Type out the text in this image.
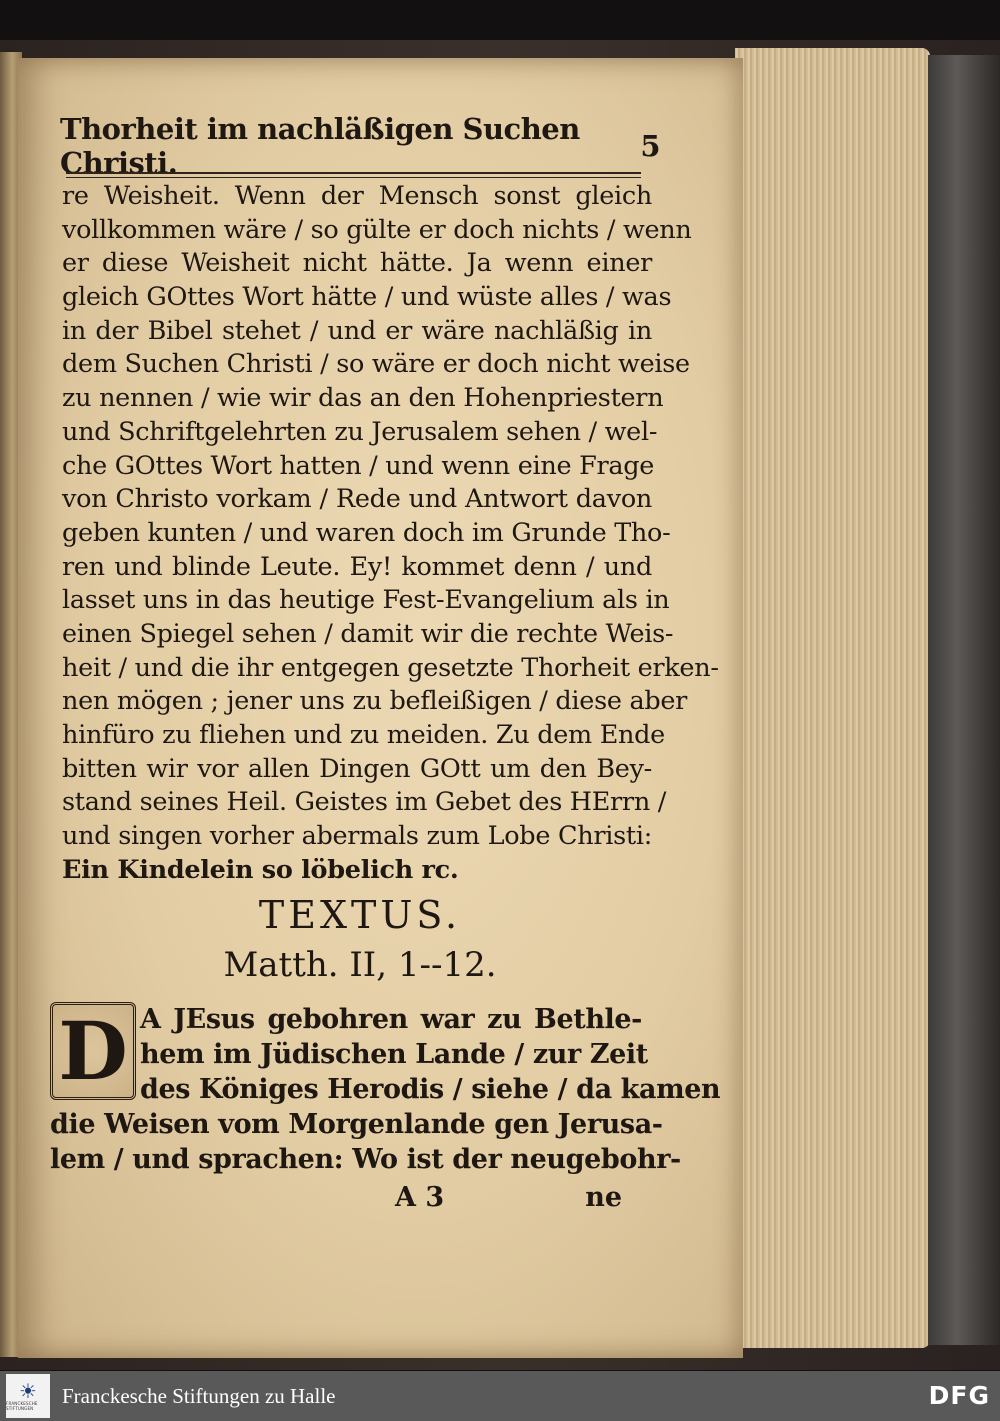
Thorheit im nachläßigen Suchen Christi.	5
re Weisheit. Wenn der Mensch sonst gleich
vollkommen wäre / so gülte er doch nichts / wenn
er diese Weisheit nicht hätte. Ja wenn einer
gleich GOttes Wort hätte / und wüste alles / was
in der Bibel stehet / und er wäre nachläßig in
dem Suchen Christi / so wäre er doch nicht weise
zu nennen / wie wir das an den Hohenpriestern
und Schriftgelehrten zu Jerusalem sehen / wel-
che GOttes Wort hatten / und wenn eine Frage
von Christo vorkam / Rede und Antwort davon
geben kunten / und waren doch im Grunde Tho-
ren und blinde Leute. Ey! kommet denn / und
lasset uns in das heutige Fest-Evangelium als in
einen Spiegel sehen / damit wir die rechte Weis-
heit / und die ihr entgegen gesetzte Thorheit erken-
nen mögen ; jener uns zu befleißigen / diese aber
hinfüro zu fliehen und zu meiden. Zu dem Ende
bitten wir vor allen Dingen GOtt um den Bey-
stand seines Heil. Geistes im Gebet des HErrn /
und singen vorher abermals zum Lobe Christi:
Ein Kindelein so löbelich rc.
TEXTUS.
Matth. II, 1--12.
D A JEsus gebohren war zu Bethle-
hem im Jüdischen Lande / zur Zeit
des Königes Herodis / siehe / da kamen
die Weisen vom Morgenlande gen Jerusa-
lem / und sprachen: Wo ist der neugebohr-
A 3	ne
☀
FRANCKESCHE STIFTUNGEN
Franckesche Stiftungen zu Halle	DFG
